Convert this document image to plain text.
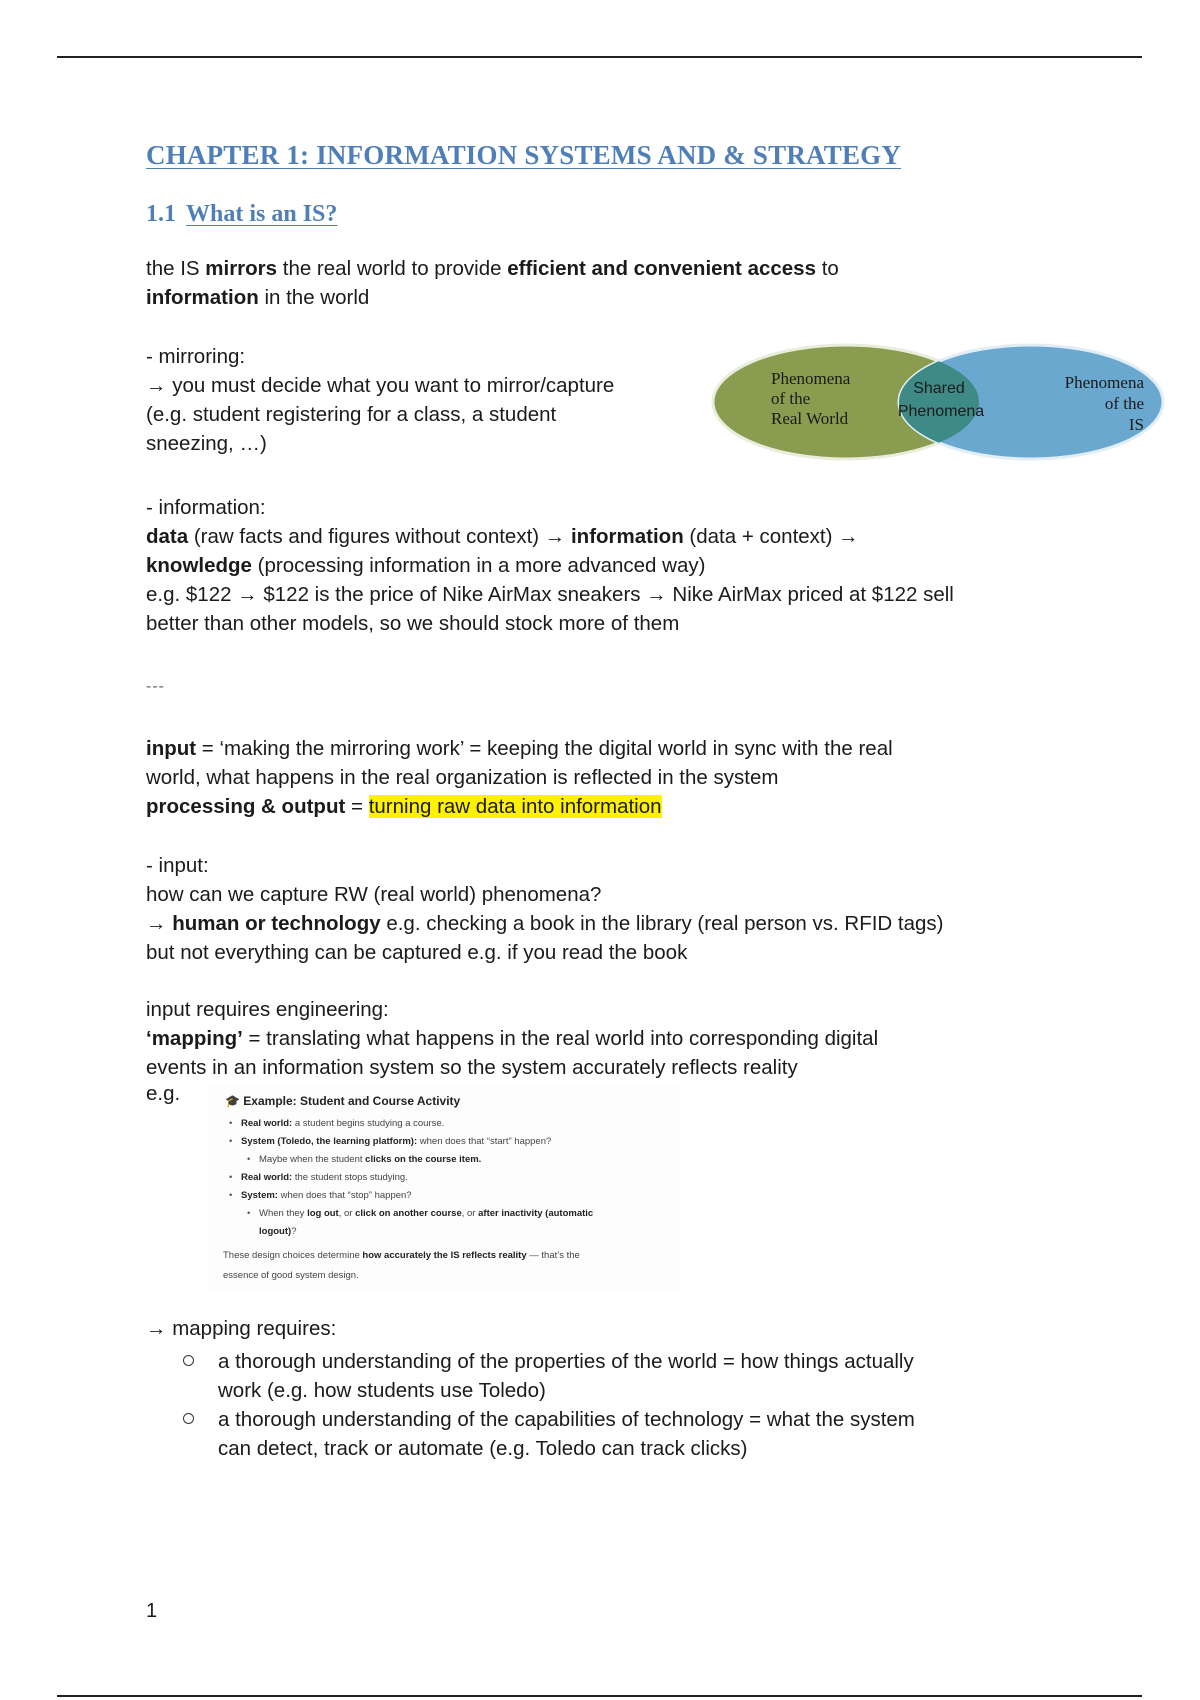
CHAPTER 1: INFORMATION SYSTEMS AND & STRATEGY
1.1 What is an IS?

the IS mirrors the real world to provide efficient and convenient access to

information in the world

- mirroring:

→ you must decide what you want to mirror/capture

(e.g. student registering for a class, a student

sneezing, …)

Phenomena
of the
Real World
Shared
Phenomena
Phenomena
of the
IS

- information:

data (raw facts and figures without context) → information (data + context) →

knowledge (processing information in a more advanced way)

e.g. $122 → $122 is the price of Nike AirMax sneakers → Nike AirMax priced at $122 sell

better than other models, so we should stock more of them

---

input = ‘making the mirroring work’ = keeping the digital world in sync with the real

world, what happens in the real organization is reflected in the system

processing & output = turning raw data into information

- input:

how can we capture RW (real world) phenomena?

→ human or technology e.g. checking a book in the library (real person vs. RFID tags)

but not everything can be captured e.g. if you read the book

input requires engineering:

‘mapping’ = translating what happens in the real world into corresponding digital

events in an information system so the system accurately reflects reality

e.g.	🎓 Example: Student and Course Activity
• Real world: a student begins studying a course.
• System (Toledo, the learning platform): when does that “start” happen?
• Maybe when the student clicks on the course item.
• Real world: the student stops studying.
• System: when does that “stop” happen?
• When they log out, or click on another course, or after inactivity (automatic
logout)?
These design choices determine how accurately the IS reflects reality — that’s the
essence of good system design.

→ mapping requires:

a thorough understanding of the properties of the world = how things actually
work (e.g. how students use Toledo)
a thorough understanding of the capabilities of technology = what the system
can detect, track or automate (e.g. Toledo can track clicks)
1
